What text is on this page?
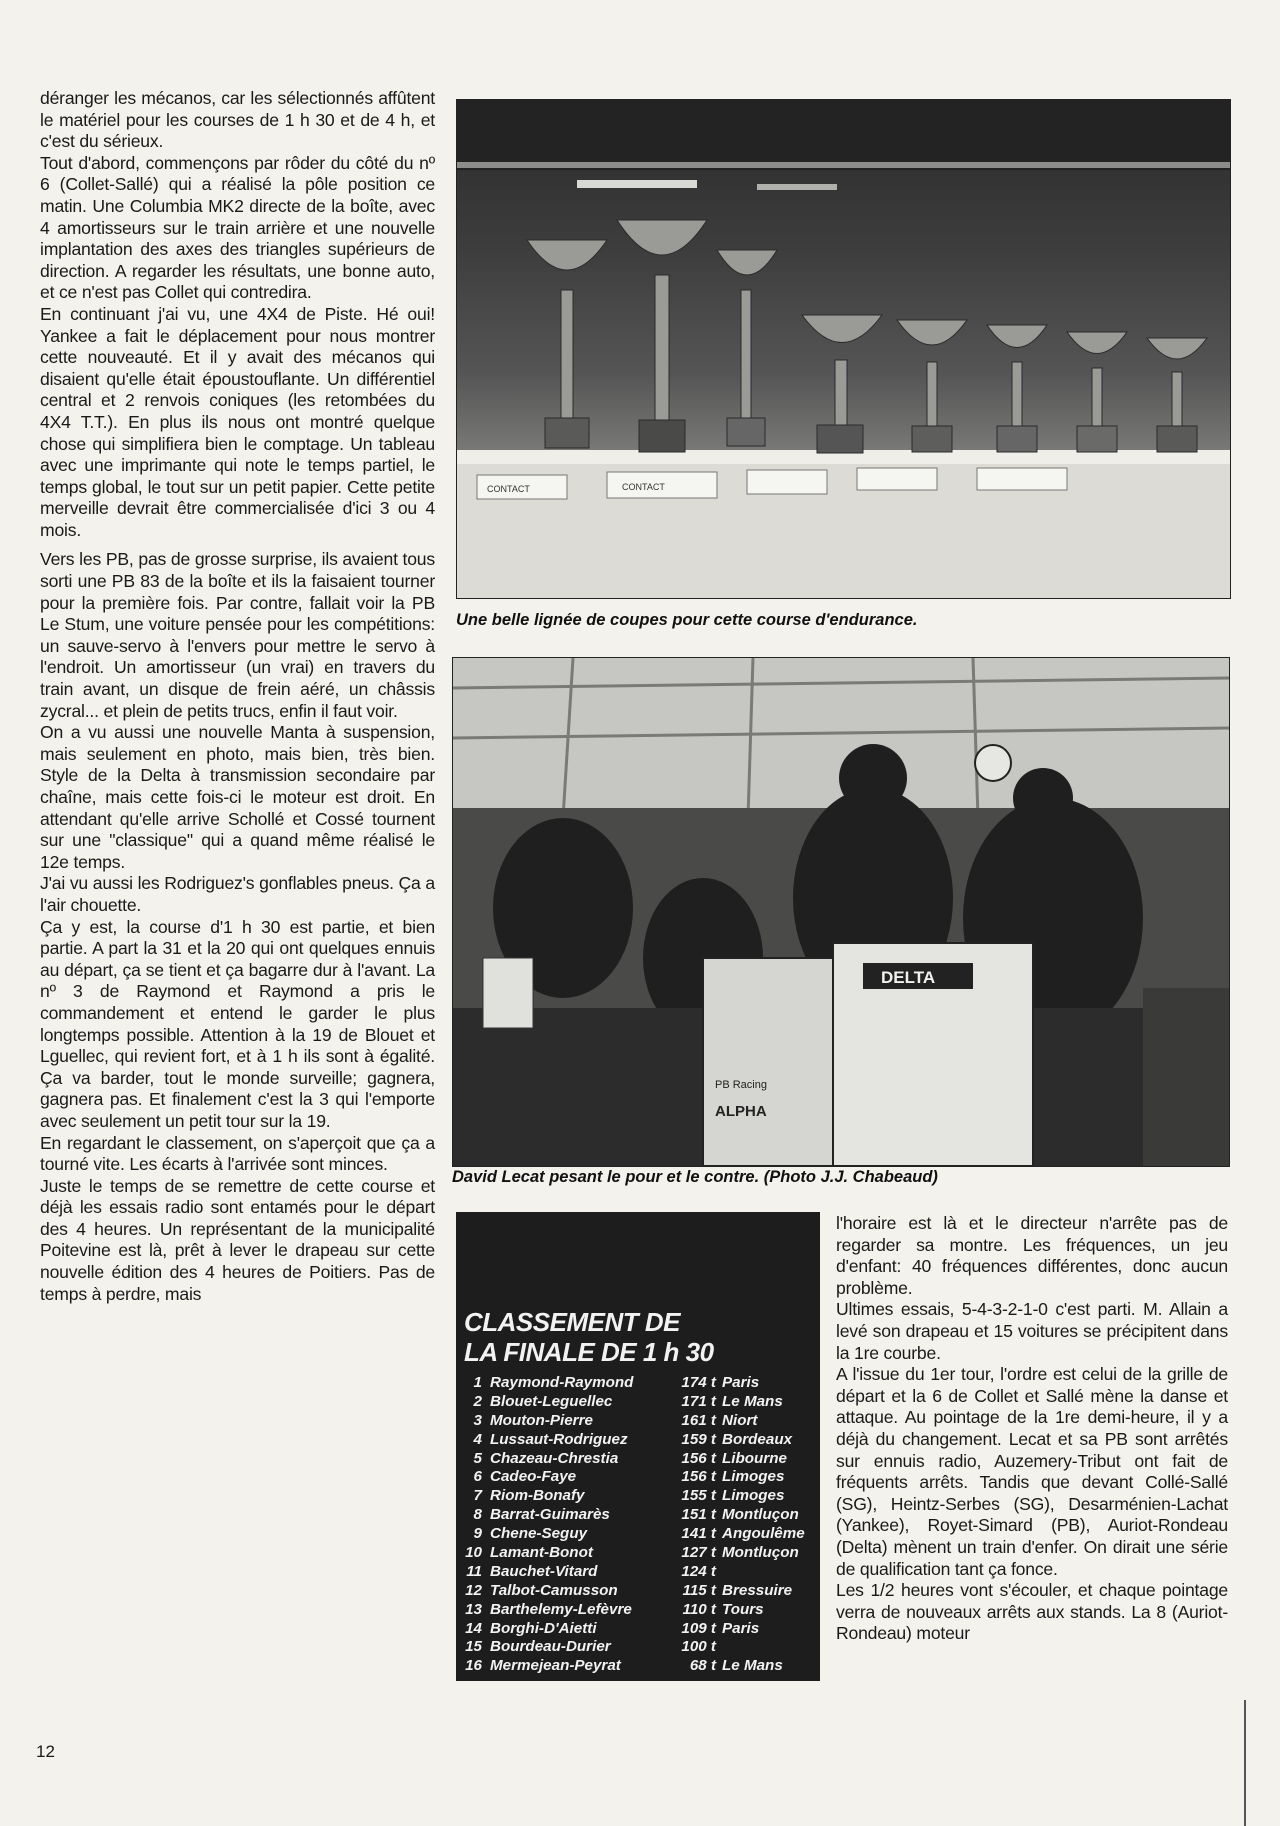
déranger les mécanos, car les sélectionnés affûtent le matériel pour les courses de 1 h 30 et de 4 h, et c'est du sérieux.

Tout d'abord, commençons par rôder du côté du nº 6 (Collet-Sallé) qui a réalisé la pôle position ce matin. Une Columbia MK2 directe de la boîte, avec 4 amortisseurs sur le train arrière et une nouvelle implantation des axes des triangles supérieurs de direction. A regarder les résultats, une bonne auto, et ce n'est pas Collet qui contredira.

En continuant j'ai vu, une 4X4 de Piste. Hé oui! Yankee a fait le déplacement pour nous montrer cette nouveauté. Et il y avait des mécanos qui disaient qu'elle était époustouflante. Un différentiel central et 2 renvois coniques (les retombées du 4X4 T.T.). En plus ils nous ont montré quelque chose qui simplifiera bien le comptage. Un tableau avec une imprimante qui note le temps partiel, le temps global, le tout sur un petit papier. Cette petite merveille devrait être commercialisée d'ici 3 ou 4 mois.

Vers les PB, pas de grosse surprise, ils avaient tous sorti une PB 83 de la boîte et ils la faisaient tourner pour la première fois. Par contre, fallait voir la PB Le Stum, une voiture pensée pour les compétitions: un sauve-servo à l'envers pour mettre le servo à l'endroit. Un amortisseur (un vrai) en travers du train avant, un disque de frein aéré, un châssis zycral... et plein de petits trucs, enfin il faut voir.

On a vu aussi une nouvelle Manta à suspension, mais seulement en photo, mais bien, très bien. Style de la Delta à transmission secondaire par chaîne, mais cette fois-ci le moteur est droit. En attendant qu'elle arrive Schollé et Cossé tournent sur une "classique" qui a quand même réalisé le 12e temps.

J'ai vu aussi les Rodriguez's gonflables pneus. Ça a l'air chouette.

Ça y est, la course d'1 h 30 est partie, et bien partie. A part la 31 et la 20 qui ont quelques ennuis au départ, ça se tient et ça bagarre dur à l'avant. La nº 3 de Raymond et Raymond a pris le commandement et entend le garder le plus longtemps possible. Attention à la 19 de Blouet et Lguellec, qui revient fort, et à 1 h ils sont à égalité. Ça va barder, tout le monde surveille; gagnera, gagnera pas. Et finalement c'est la 3 qui l'emporte avec seulement un petit tour sur la 19.

En regardant le classement, on s'aperçoit que ça a tourné vite. Les écarts à l'arrivée sont minces.

Juste le temps de se remettre de cette course et déjà les essais radio sont entamés pour le départ des 4 heures. Un représentant de la municipalité Poitevine est là, prêt à lever le drapeau sur cette nouvelle édition des 4 heures de Poitiers. Pas de temps à perdre, mais

CONTACT	CONTACT
Une belle lignée de coupes pour cette course d'endurance.
DELTA
PB Racing
ALPHA
David Lecat pesant le pour et le contre. (Photo J.J. Chabeaud)
CLASSEMENT DE
LA FINALE DE 1 h 30
1 Raymond-Raymond	174 t Paris
2 Blouet-Leguellec	171 t Le Mans
3 Mouton-Pierre	161 t Niort
4 Lussaut-Rodriguez	159 t Bordeaux
5 Chazeau-Chrestia	156 t Libourne
6 Cadeo-Faye	156 t Limoges
7 Riom-Bonafy	155 t Limoges
8 Barrat-Guimarès	151 t Montluçon
9 Chene-Seguy	141 t Angoulême
10 Lamant-Bonot	127 t Montluçon
11 Bauchet-Vitard	124 t
12 Talbot-Camusson	115 t Bressuire
13 Barthelemy-Lefèvre	110 t Tours
14 Borghi-D'Aietti	109 t Paris
15 Bourdeau-Durier	100 t
16 Mermejean-Peyrat	68 t Le Mans

l'horaire est là et le directeur n'arrête pas de regarder sa montre. Les fréquences, un jeu d'enfant: 40 fréquences différentes, donc aucun problème.

Ultimes essais, 5-4-3-2-1-0 c'est parti. M. Allain a levé son drapeau et 15 voitures se précipitent dans la 1re courbe.

A l'issue du 1er tour, l'ordre est celui de la grille de départ et la 6 de Collet et Sallé mène la danse et attaque. Au pointage de la 1re demi-heure, il y a déjà du changement. Lecat et sa PB sont arrêtés sur ennuis radio, Auzemery-Tribut ont fait de fréquents arrêts. Tandis que devant Collé-Sallé (SG), Heintz-Serbes (SG), Desarménien-Lachat (Yankee), Royet-Simard (PB), Auriot-Rondeau (Delta) mènent un train d'enfer. On dirait une série de qualification tant ça fonce.

Les 1/2 heures vont s'écouler, et chaque pointage verra de nouveaux arrêts aux stands. La 8 (Auriot-Rondeau) moteur

12
